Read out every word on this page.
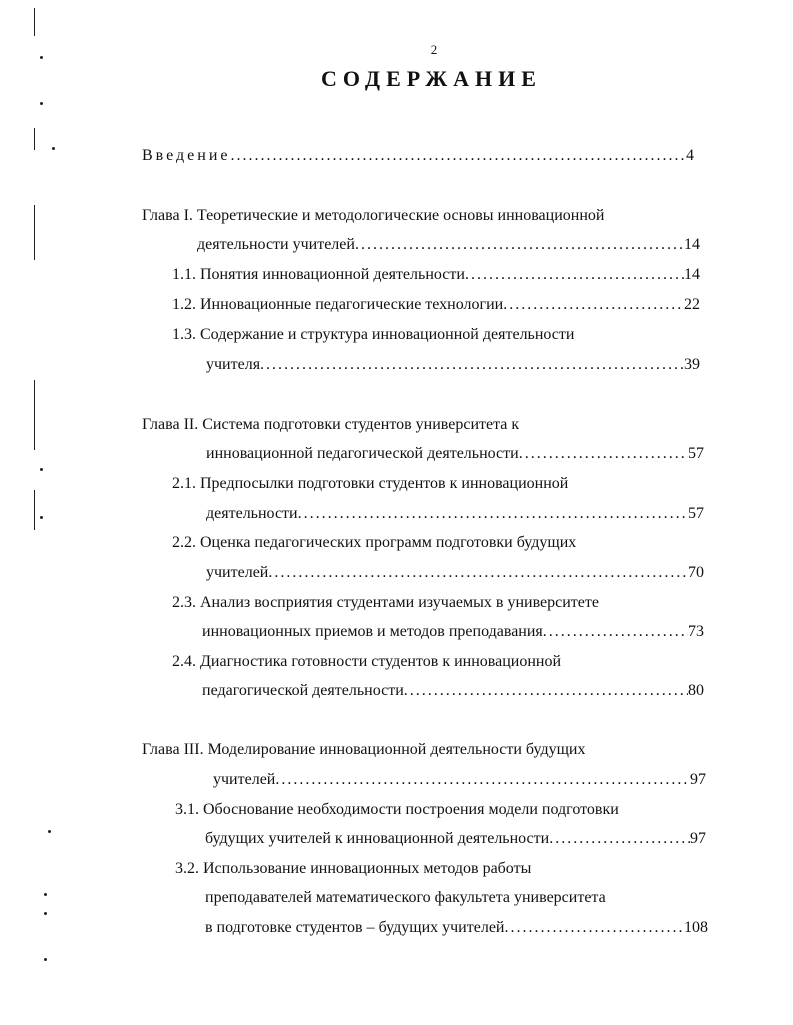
2
СОДЕРЖАНИЕ
Введение . . .	4
Глава I. Теоретические и методологические основы инновационной
деятельности учителей . . .	14
1.1. Понятия инновационной деятельности . . .	14
1.2. Инновационные педагогические технологии . . .	22
1.3. Содержание и структура инновационной деятельности
учителя . . .	39
Глава II. Система подготовки студентов университета к
инновационной педагогической деятельности . . .	57
2.1. Предпосылки подготовки студентов к инновационной
деятельности . . .	57
2.2. Оценка педагогических программ подготовки будущих
учителей . . .	70
2.3. Анализ восприятия студентами изучаемых в университете
инновационных приемов и методов преподавания . . .	73
2.4. Диагностика готовности студентов к инновационной
педагогической деятельности . . .	80
Глава III. Моделирование инновационной деятельности будущих
учителей . . .	97
3.1. Обоснование необходимости построения модели подготовки
будущих учителей к инновационной деятельности . . .	97
3.2. Использование инновационных методов работы
преподавателей математического факультета университета
в подготовке студентов – будущих учителей . . .	108
